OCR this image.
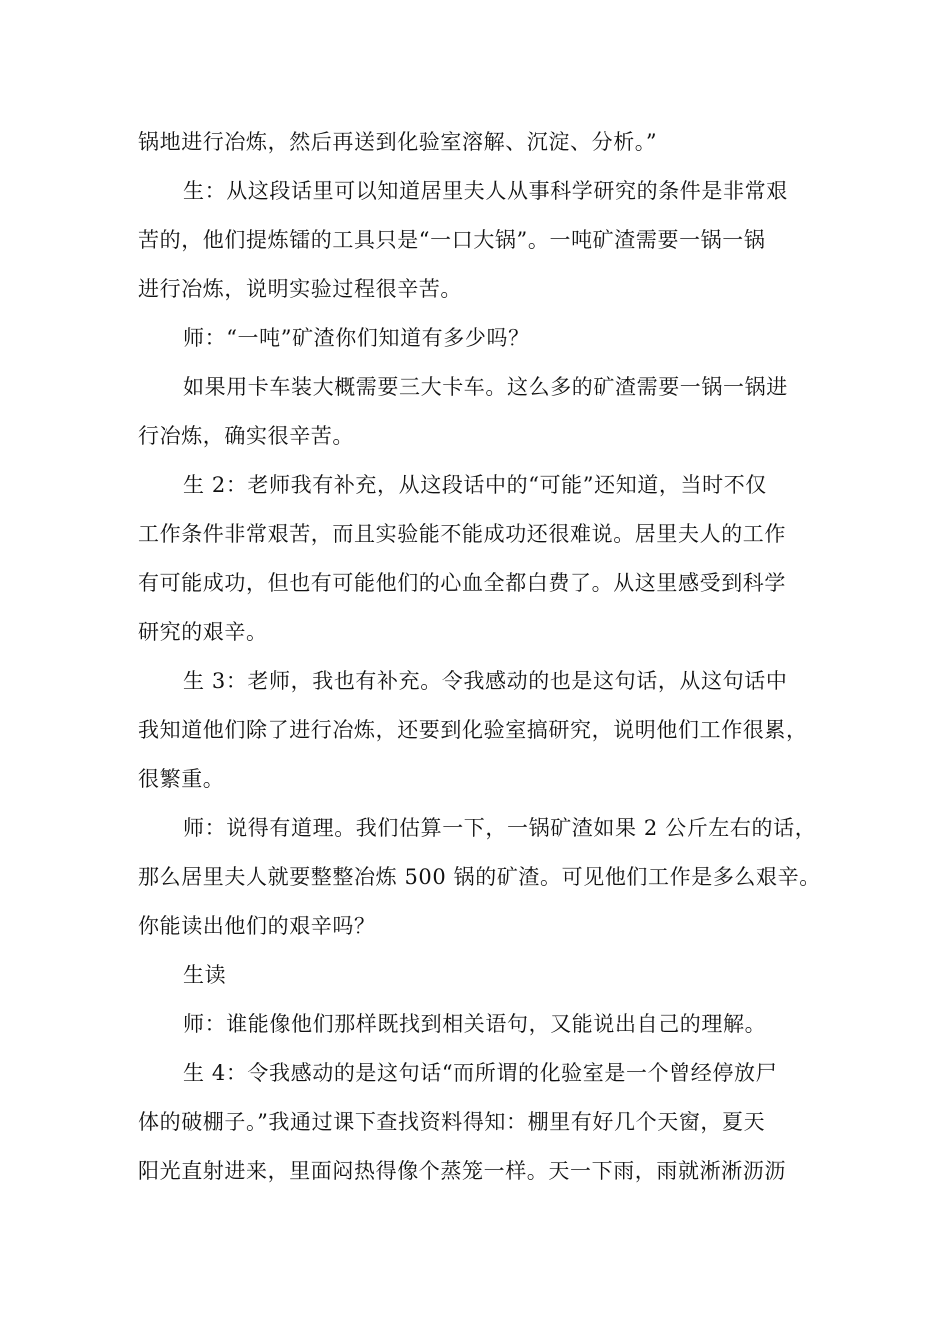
锅地进行冶炼，然后再送到化验室溶解、沉淀、分析。”
生：从这段话里可以知道居里夫人从事科学研究的条件是非常艰
苦的，他们提炼镭的工具只是“一口大锅”。一吨矿渣需要一锅一锅
进行冶炼，说明实验过程很辛苦。
师：“一吨”矿渣你们知道有多少吗？
如果用卡车装大概需要三大卡车。这么多的矿渣需要一锅一锅进
行冶炼，确实很辛苦。
生 2：老师我有补充，从这段话中的“可能”还知道，当时不仅
工作条件非常艰苦，而且实验能不能成功还很难说。居里夫人的工作
有可能成功，但也有可能他们的心血全都白费了。从这里感受到科学
研究的艰辛。
生 3：老师，我也有补充。令我感动的也是这句话，从这句话中
我知道他们除了进行冶炼，还要到化验室搞研究，说明他们工作很累，
很繁重。
师：说得有道理。我们估算一下，一锅矿渣如果 2 公斤左右的话，
那么居里夫人就要整整冶炼 500 锅的矿渣。可见他们工作是多么艰辛。
你能读出他们的艰辛吗？
生读
师：谁能像他们那样既找到相关语句，又能说出自己的理解。
生 4：令我感动的是这句话“而所谓的化验室是一个曾经停放尸
体的破棚子。”我通过课下查找资料得知：棚里有好几个天窗，夏天
阳光直射进来，里面闷热得像个蒸笼一样。天一下雨，雨就淅淅沥沥
